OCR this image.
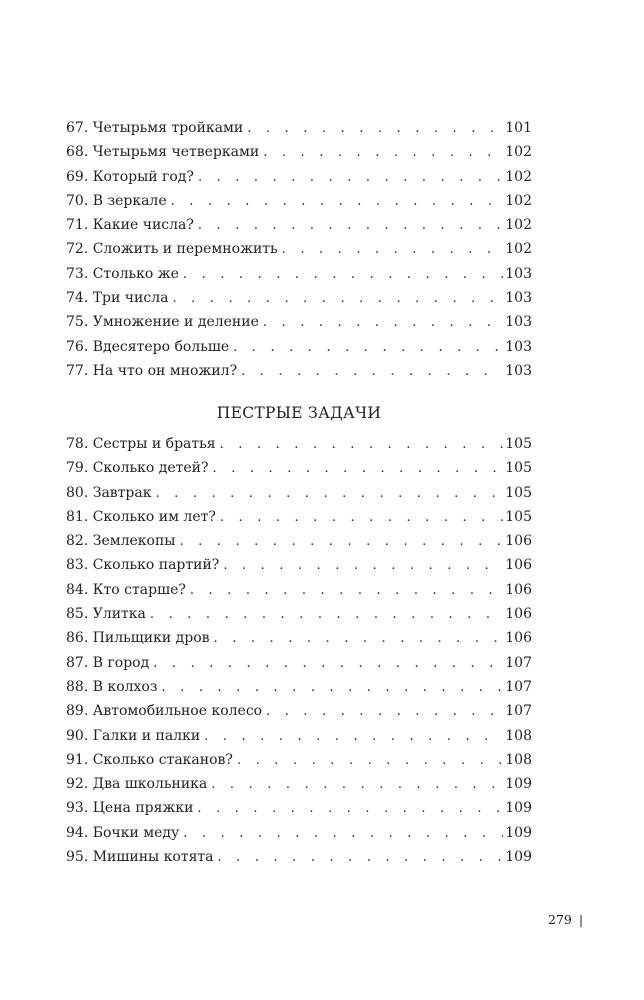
67. Четырьмя тройками . . .	101
68. Четырьмя четверками . . .	102
69. Который год? . . .	102
70. В зеркале . . .	102
71. Какие числа? . . .	102
72. Сложить и перемножить . . .	102
73. Столько же . . .	103
74. Три числа . . .	103
75. Умножение и деление . . .	103
76. Вдесятеро больше . . .	103
77. На что он множил? . . .	103
ПЕСТРЫЕ ЗАДАЧИ
78. Сестры и братья . . .	105
79. Сколько детей? . . .	105
80. Завтрак . . .	105
81. Сколько им лет? . . .	105
82. Землекопы . . .	106
83. Сколько партий? . . .	106
84. Кто старше? . . .	106
85. Улитка . . .	106
86. Пильщики дров . . .	106
87. В город . . .	107
88. В колхоз . . .	107
89. Автомобильное колесо . . .	107
90. Галки и палки . . .	108
91. Сколько стаканов? . . .	108
92. Два школьника . . .	109
93. Цена пряжки . . .	109
94. Бочки меду . . .	109
95. Мишины котята . . .	109
279 |
